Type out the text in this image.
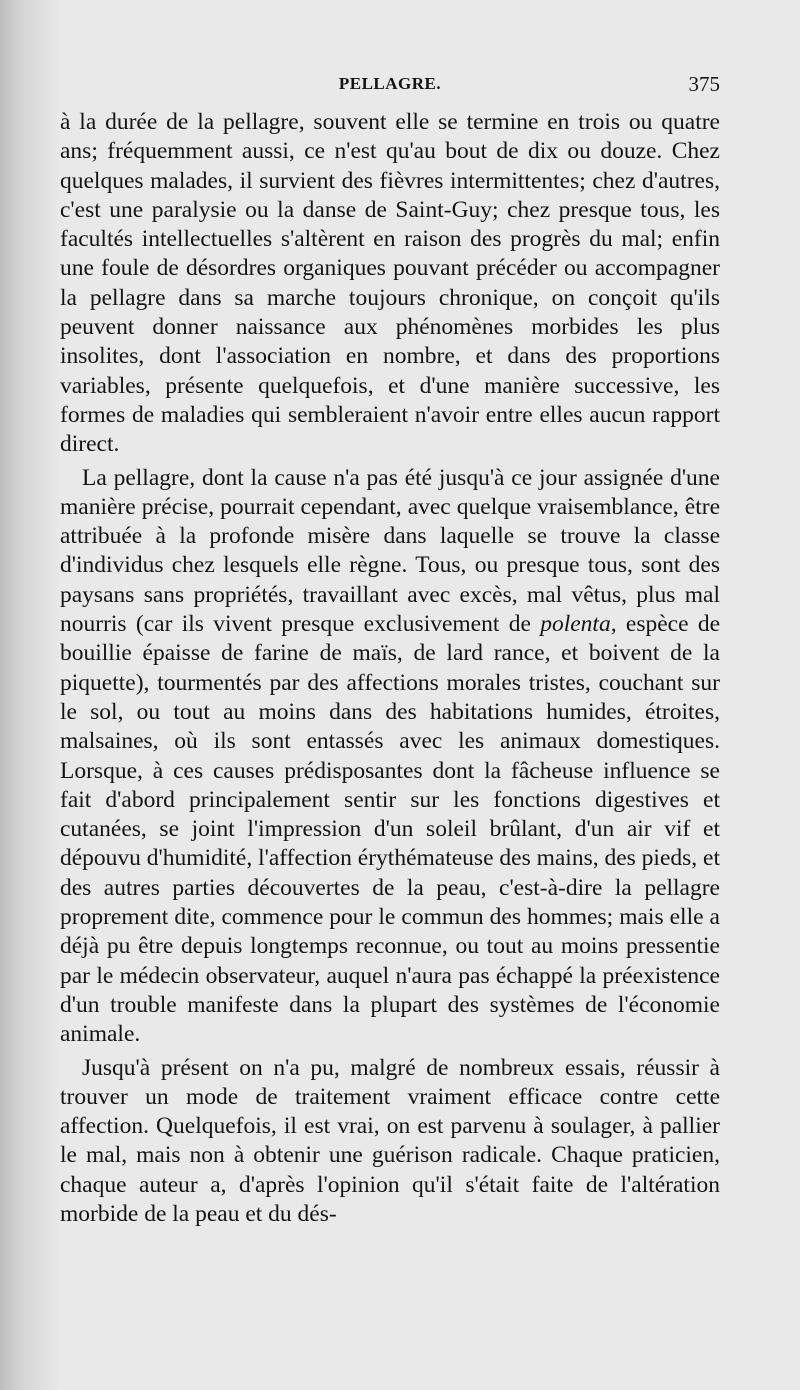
PELLAGRE.	375

à la durée de la pellagre, souvent elle se termine en trois ou quatre ans; fréquemment aussi, ce n'est qu'au bout de dix ou douze. Chez quelques malades, il survient des fièvres intermittentes; chez d'autres, c'est une paralysie ou la danse de Saint-Guy; chez presque tous, les facultés intellectuelles s'altèrent en raison des progrès du mal; enfin une foule de désordres organiques pouvant précéder ou accompagner la pellagre dans sa marche toujours chronique, on conçoit qu'ils peuvent donner naissance aux phénomènes morbides les plus insolites, dont l'association en nombre, et dans des proportions variables, présente quelquefois, et d'une manière successive, les formes de maladies qui sembleraient n'avoir entre elles aucun rapport direct.

La pellagre, dont la cause n'a pas été jusqu'à ce jour assignée d'une manière précise, pourrait cependant, avec quelque vraisemblance, être attribuée à la profonde misère dans laquelle se trouve la classe d'individus chez lesquels elle règne. Tous, ou presque tous, sont des paysans sans propriétés, travaillant avec excès, mal vêtus, plus mal nourris (car ils vivent presque exclusivement de polenta, espèce de bouillie épaisse de farine de maïs, de lard rance, et boivent de la piquette), tourmentés par des affections morales tristes, couchant sur le sol, ou tout au moins dans des habitations humides, étroites, malsaines, où ils sont entassés avec les animaux domestiques. Lorsque, à ces causes prédisposantes dont la fâcheuse influence se fait d'abord principalement sentir sur les fonctions digestives et cutanées, se joint l'impression d'un soleil brûlant, d'un air vif et dépouvu d'humidité, l'affection érythémateuse des mains, des pieds, et des autres parties découvertes de la peau, c'est-à-dire la pellagre proprement dite, commence pour le commun des hommes; mais elle a déjà pu être depuis longtemps reconnue, ou tout au moins pressentie par le médecin observateur, auquel n'aura pas échappé la préexistence d'un trouble manifeste dans la plupart des systèmes de l'économie animale.

Jusqu'à présent on n'a pu, malgré de nombreux essais, réussir à trouver un mode de traitement vraiment efficace contre cette affection. Quelquefois, il est vrai, on est parvenu à soulager, à pallier le mal, mais non à obtenir une guérison radicale. Chaque praticien, chaque auteur a, d'après l'opinion qu'il s'était faite de l'altération morbide de la peau et du dés-
